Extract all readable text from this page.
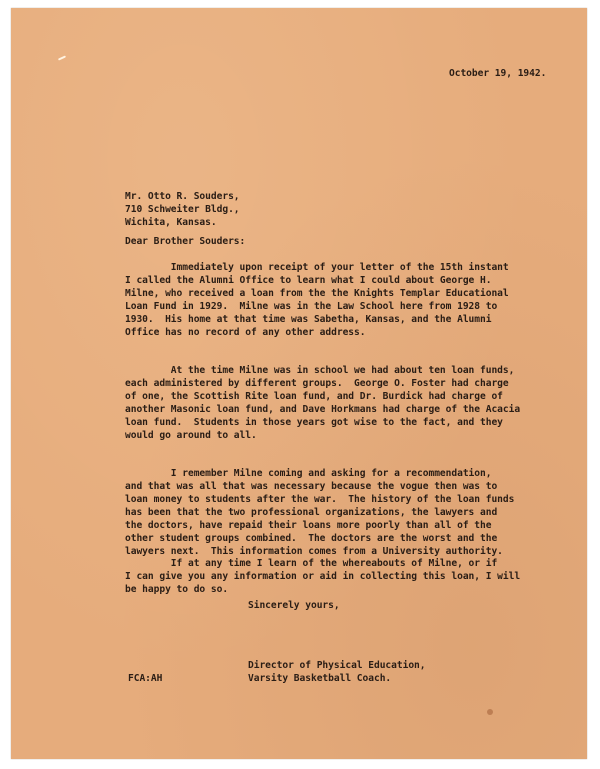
October 19, 1942.

Mr. Otto R. Souders,
710 Schweiter Bldg.,
Wichita, Kansas.

Dear Brother Souders:

Immediately upon receipt of your letter of the 15th instant
I called the Alumni Office to learn what I could about George H.
Milne, who received a loan from the the Knights Templar Educational
Loan Fund in 1929.  Milne was in the Law School here from 1928 to
1930.  His home at that time was Sabetha, Kansas, and the Alumni
Office has no record of any other address.
At the time Milne was in school we had about ten loan funds,
each administered by different groups.  George O. Foster had charge
of one, the Scottish Rite loan fund, and Dr. Burdick had charge of
another Masonic loan fund, and Dave Horkmans had charge of the Acacia
loan fund.  Students in those years got wise to the fact, and they
would go around to all.
I remember Milne coming and asking for a recommendation,
and that was all that was necessary because the vogue then was to
loan money to students after the war.  The history of the loan funds
has been that the two professional organizations, the lawyers and
the doctors, have repaid their loans more poorly than all of the
other student groups combined.  The doctors are the worst and the
lawyers next.  This information comes from a University authority.
If at any time I learn of the whereabouts of Milne, or if
I can give you any information or aid in collecting this loan, I will
be happy to do so.

Sincerely yours,

Director of Physical Education,
Varsity Basketball Coach.

FCA:AH
